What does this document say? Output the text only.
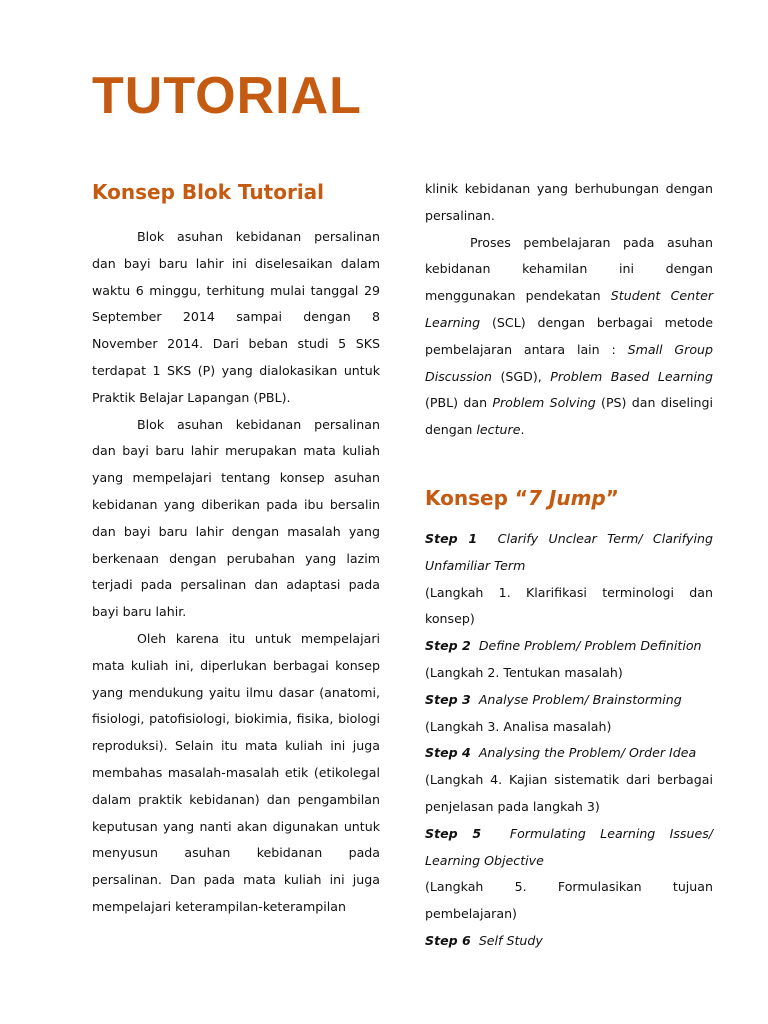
TUTORIAL
Konsep Blok Tutorial

Blok asuhan kebidanan persalinan dan bayi baru lahir ini diselesaikan dalam waktu 6 minggu, terhitung mulai tanggal 29 September 2014 sampai dengan 8 November 2014. Dari beban studi 5 SKS terdapat 1 SKS (P) yang dialokasikan untuk Praktik Belajar Lapangan (PBL).

Blok asuhan kebidanan persalinan dan bayi baru lahir merupakan mata kuliah yang mempelajari tentang konsep asuhan kebidanan yang diberikan pada ibu bersalin dan bayi baru lahir dengan masalah yang berkenaan dengan perubahan yang lazim terjadi pada persalinan dan adaptasi pada bayi baru lahir.

Oleh karena itu untuk mempelajari mata kuliah ini, diperlukan berbagai konsep yang mendukung yaitu ilmu dasar (anatomi, fisiologi, patofisiologi, biokimia, fisika, biologi reproduksi). Selain itu mata kuliah ini juga membahas masalah-masalah etik (etikolegal dalam praktik kebidanan) dan pengambilan keputusan yang nanti akan digunakan untuk menyusun asuhan kebidanan pada persalinan. Dan pada mata kuliah ini juga mempelajari keterampilan-keterampilan

klinik kebidanan yang berhubungan dengan persalinan.

Proses pembelajaran pada asuhan kebidanan kehamilan ini dengan menggunakan pendekatan Student Center Learning (SCL) dengan berbagai metode pembelajaran antara lain : Small Group Discussion (SGD), Problem Based Learning (PBL) dan Problem Solving (PS) dan diselingi dengan lecture.

Konsep “7 Jump”

Step 1 Clarify Unclear Term/ Clarifying Unfamiliar Term

(Langkah 1. Klarifikasi terminologi dan konsep)

Step 2 Define Problem/ Problem Definition

(Langkah 2. Tentukan masalah)

Step 3 Analyse Problem/ Brainstorming

(Langkah 3. Analisa masalah)

Step 4 Analysing the Problem/ Order Idea

(Langkah 4. Kajian sistematik dari berbagai penjelasan pada langkah 3)

Step 5 Formulating Learning Issues/ Learning Objective

(Langkah 5. Formulasikan tujuan pembelajaran)

Step 6 Self Study
